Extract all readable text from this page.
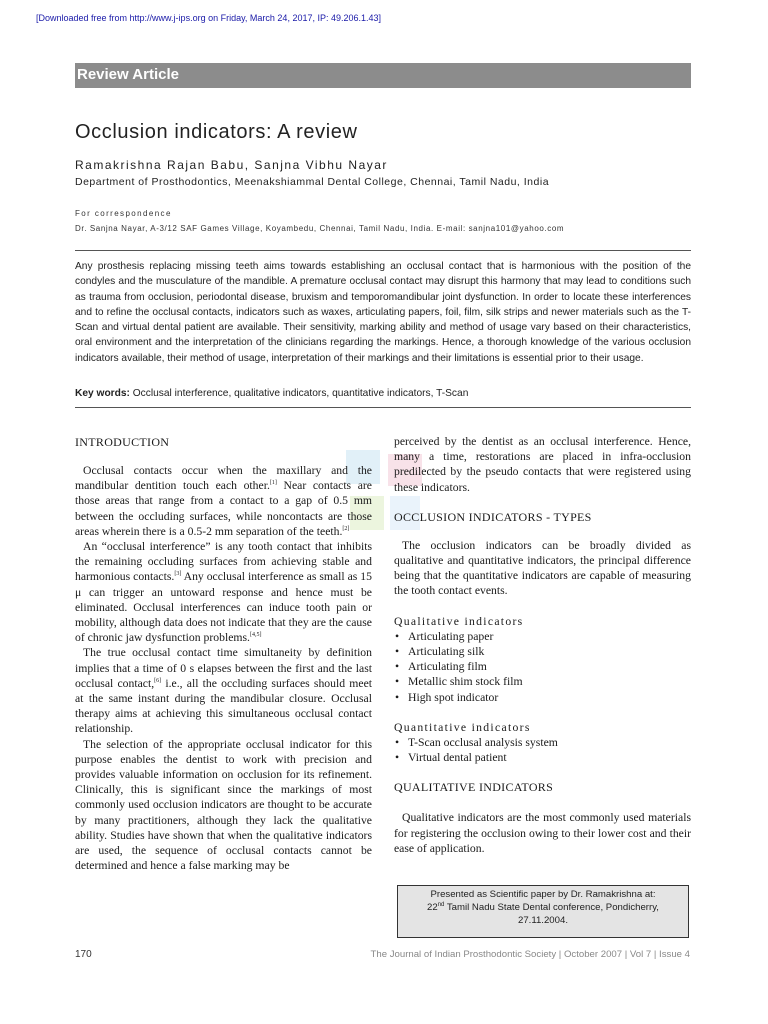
[Downloaded free from http://www.j-ips.org on Friday, March 24, 2017, IP: 49.206.1.43]
Review Article
Occlusion indicators: A review
Ramakrishna Rajan Babu, Sanjna Vibhu Nayar
Department of Prosthodontics, Meenakshiammal Dental College, Chennai, Tamil Nadu, India
For correspondence
Dr. Sanjna Nayar, A-3/12 SAF Games Village, Koyambedu, Chennai, Tamil Nadu, India. E-mail: sanjna101@yahoo.com
Any prosthesis replacing missing teeth aims towards establishing an occlusal contact that is harmonious with the position of the condyles and the musculature of the mandible. A premature occlusal contact may disrupt this harmony that may lead to conditions such as trauma from occlusion, periodontal disease, bruxism and temporomandibular joint dysfunction. In order to locate these interferences and to refine the occlusal contacts, indicators such as waxes, articulating papers, foil, film, silk strips and newer materials such as the T-Scan and virtual dental patient are available. Their sensitivity, marking ability and method of usage vary based on their characteristics, oral environment and the interpretation of the clinicians regarding the markings. Hence, a thorough knowledge of the various occlusion indicators available, their method of usage, interpretation of their markings and their limitations is essential prior to their usage.
Key words: Occlusal interference, qualitative indicators, quantitative indicators, T-Scan
INTRODUCTION

Occlusal contacts occur when the maxillary and the mandibular dentition touch each other.[1] Near contacts are those areas that range from a contact to a gap of 0.5 mm between the occluding surfaces, while noncontacts are those areas wherein there is a 0.5-2 mm separation of the teeth.[2]

An “occlusal interference” is any tooth contact that inhibits the remaining occluding surfaces from achieving stable and harmonious contacts.[3] Any occlusal interference as small as 15 μ can trigger an untoward response and hence must be eliminated. Occlusal interferences can induce tooth pain or mobility, although data does not indicate that they are the cause of chronic jaw dysfunction problems.[4,5]

The true occlusal contact time simultaneity by definition implies that a time of 0 s elapses between the first and the last occlusal contact,[6] i.e., all the occluding surfaces should meet at the same instant during the mandibular closure. Occlusal therapy aims at achieving this simultaneous occlusal contact relationship.

The selection of the appropriate occlusal indicator for this purpose enables the dentist to work with precision and provides valuable information on occlusion for its refinement. Clinically, this is significant since the markings of most commonly used occlusion indicators are thought to be accurate by many practitioners, although they lack the qualitative ability. Studies have shown that when the qualitative indicators are used, the sequence of occlusal contacts cannot be determined and hence a false marking may be

perceived by the dentist as an occlusal interference. Hence, many a time, restorations are placed in infra-occlusion predilected by the pseudo contacts that were registered using these indicators.

OCCLUSION INDICATORS - TYPES

The occlusion indicators can be broadly divided as qualitative and quantitative indicators, the principal difference being that the quantitative indicators are capable of measuring the tooth contact events.

Qualitative indicators
• Articulating paper
• Articulating silk
• Articulating film
• Metallic shim stock film
• High spot indicator
Quantitative indicators
• T-Scan occlusal analysis system
• Virtual dental patient
QUALITATIVE INDICATORS

Qualitative indicators are the most commonly used materials for registering the occlusion owing to their lower cost and their ease of application.

Presented as Scientific paper by Dr. Ramakrishna at:
22nd Tamil Nadu State Dental conference, Pondicherry,
27.11.2004.
170	The Journal of Indian Prosthodontic Society | October 2007 | Vol 7 | Issue 4
